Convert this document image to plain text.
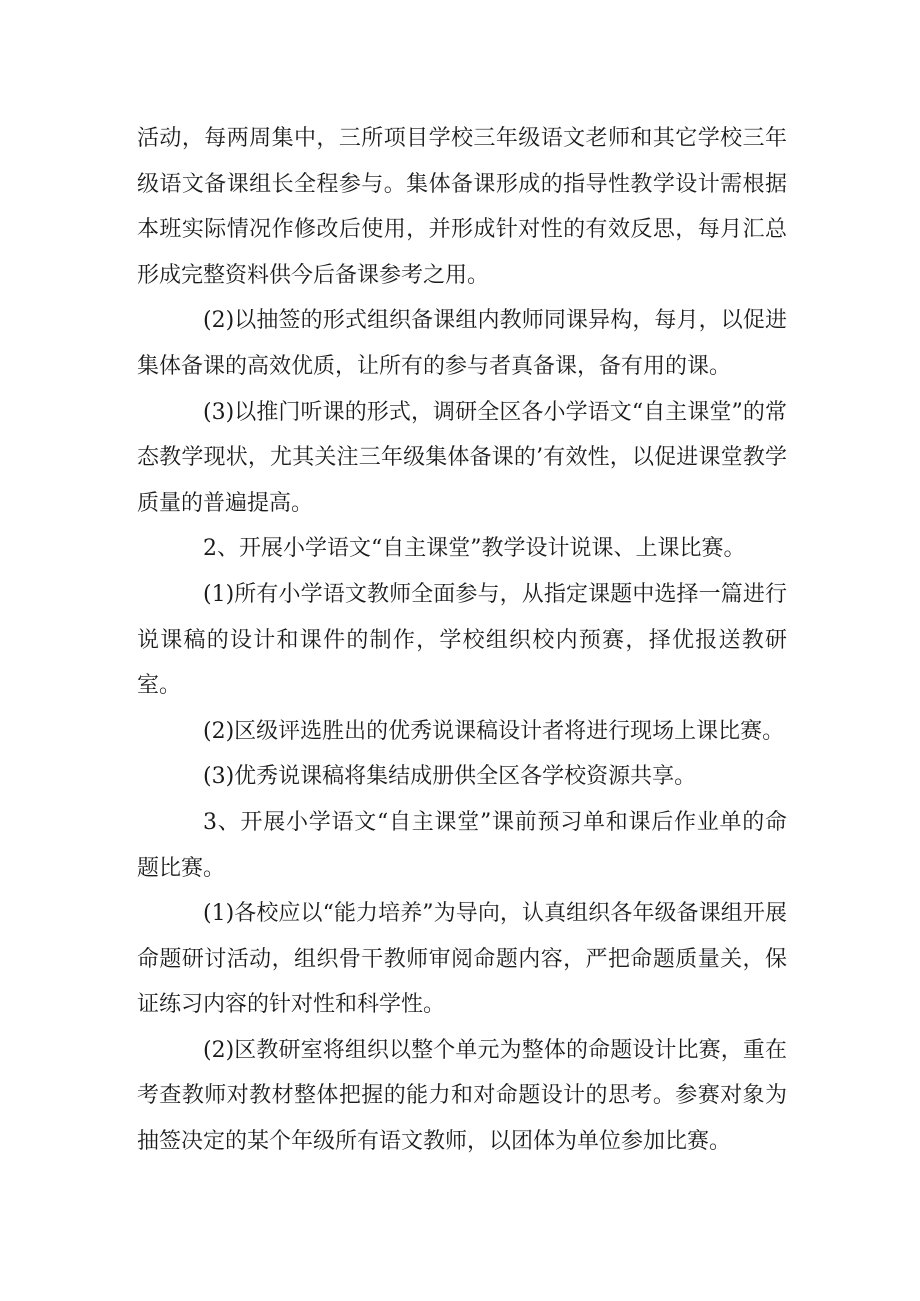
活动，每两周集中，三所项目学校三年级语文老师和其它学校三年级语文备课组长全程参与。集体备课形成的指导性教学设计需根据本班实际情况作修改后使用，并形成针对性的有效反思，每月汇总形成完整资料供今后备课参考之用。

(2)以抽签的形式组织备课组内教师同课异构，每月，以促进集体备课的高效优质，让所有的参与者真备课，备有用的课。

(3)以推门听课的形式，调研全区各小学语文“自主课堂”的常态教学现状，尤其关注三年级集体备课的’有效性，以促进课堂教学质量的普遍提高。

2、开展小学语文“自主课堂”教学设计说课、上课比赛。

(1)所有小学语文教师全面参与，从指定课题中选择一篇进行说课稿的设计和课件的制作，学校组织校内预赛，择优报送教研室。

(2)区级评选胜出的优秀说课稿设计者将进行现场上课比赛。

(3)优秀说课稿将集结成册供全区各学校资源共享。

3、开展小学语文“自主课堂”课前预习单和课后作业单的命题比赛。

(1)各校应以“能力培养”为导向，认真组织各年级备课组开展命题研讨活动，组织骨干教师审阅命题内容，严把命题质量关，保证练习内容的针对性和科学性。

(2)区教研室将组织以整个单元为整体的命题设计比赛，重在考查教师对教材整体把握的能力和对命题设计的思考。参赛对象为抽签决定的某个年级所有语文教师，以团体为单位参加比赛。
